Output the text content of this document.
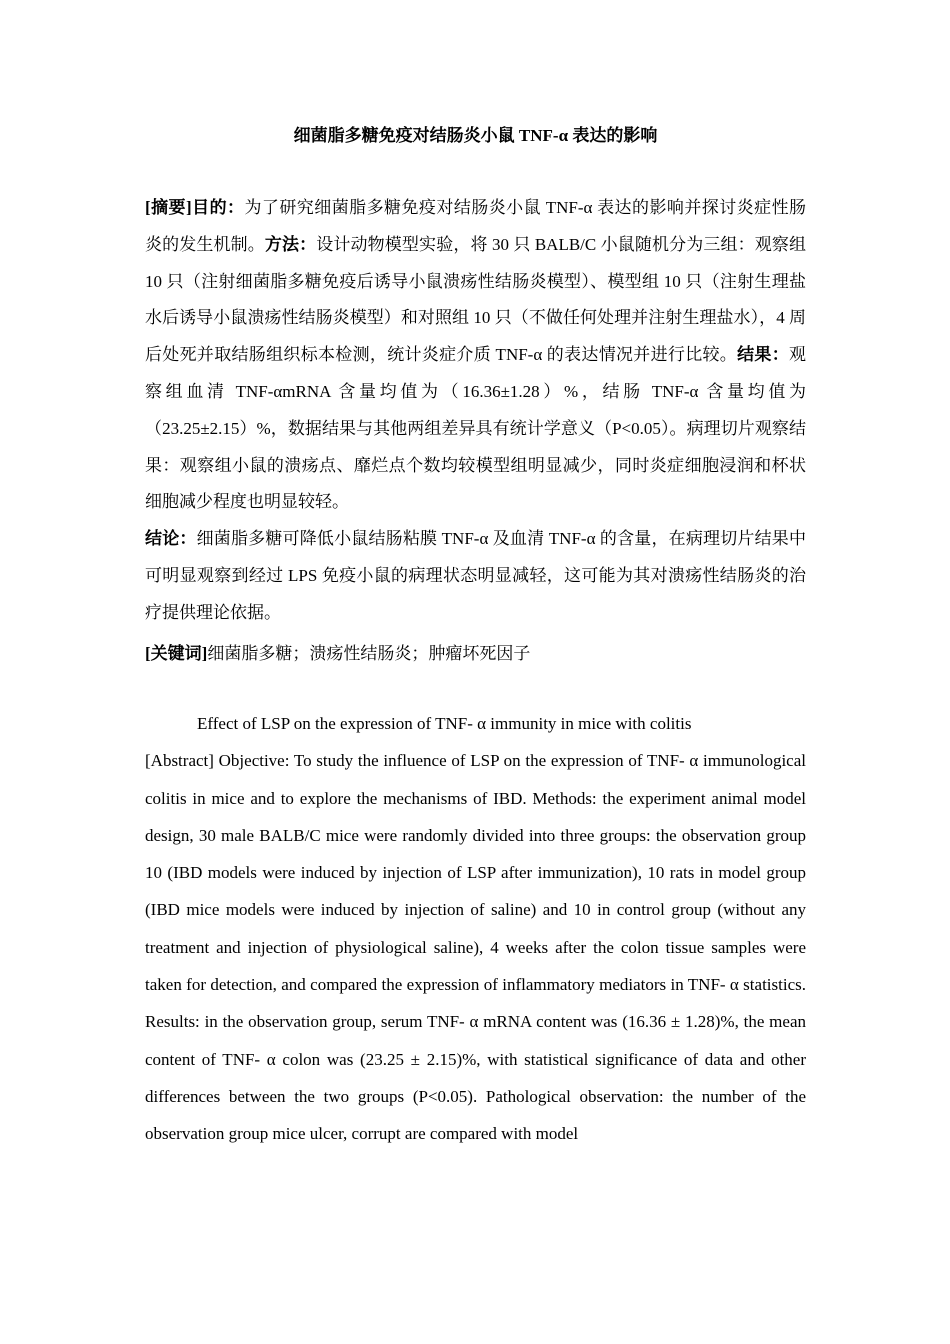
细菌脂多糖免疫对结肠炎小鼠 TNF-α 表达的影响

[摘要]目的：为了研究细菌脂多糖免疫对结肠炎小鼠 TNF-α 表达的影响并探讨炎症性肠炎的发生机制。方法：设计动物模型实验，将 30 只 BALB/C 小鼠随机分为三组：观察组 10 只（注射细菌脂多糖免疫后诱导小鼠溃疡性结肠炎模型）、模型组 10 只（注射生理盐水后诱导小鼠溃疡性结肠炎模型）和对照组 10 只（不做任何处理并注射生理盐水），4 周后处死并取结肠组织标本检测，统计炎症介质 TNF-α 的表达情况并进行比较。结果：观察组血清 TNF-αmRNA 含量均值为（16.36±1.28）%，结肠 TNF-α 含量均值为（23.25±2.15）%，数据结果与其他两组差异具有统计学意义（P<0.05）。病理切片观察结果：观察组小鼠的溃疡点、靡烂点个数均较模型组明显减少，同时炎症细胞浸润和杯状细胞减少程度也明显较轻。

结论：细菌脂多糖可降低小鼠结肠粘膜 TNF-α 及血清 TNF-α 的含量，在病理切片结果中可明显观察到经过 LPS 免疫小鼠的病理状态明显减轻，这可能为其对溃疡性结肠炎的治疗提供理论依据。

[关键词]细菌脂多糖；溃疡性结肠炎；肿瘤坏死因子

Effect of LSP on the expression of TNF- α immunity in mice with colitis

[Abstract] Objective: To study the influence of LSP on the expression of TNF- α immunological colitis in mice and to explore the mechanisms of IBD. Methods: the experiment animal model design, 30 male BALB/C mice were randomly divided into three groups: the observation group 10 (IBD models were induced by injection of LSP after immunization), 10 rats in model group (IBD mice models were induced by injection of saline) and 10 in control group (without any treatment and injection of physiological saline), 4 weeks after the colon tissue samples were taken for detection, and compared the expression of inflammatory mediators in TNF- α statistics. Results: in the observation group, serum TNF- α mRNA content was (16.36 ± 1.28)%, the mean content of TNF- α colon was (23.25 ± 2.15)%, with statistical significance of data and other differences between the two groups (P<0.05). Pathological observation: the number of the observation group mice ulcer, corrupt are compared with model
